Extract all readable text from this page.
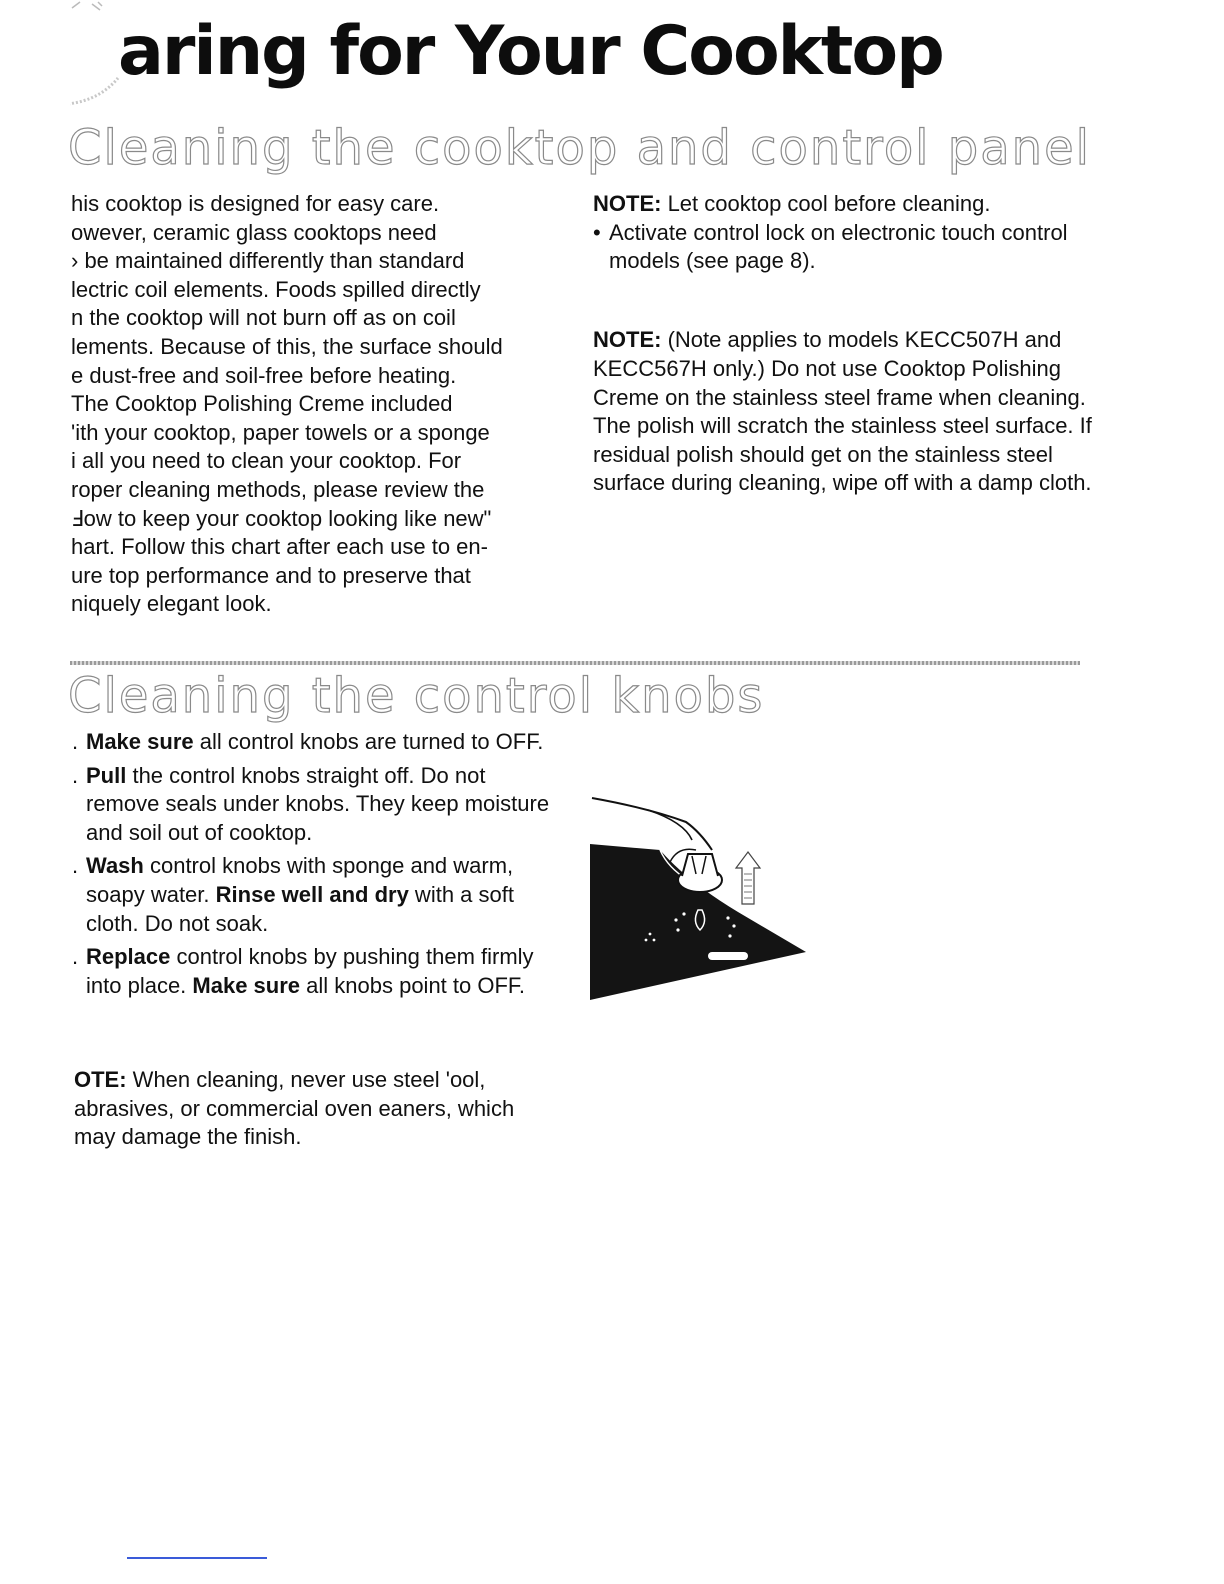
aring for Your Cooktop
Cleaning the cooktop and control panel

his cooktop is designed for easy care.
owever, ceramic glass cooktops need
› be maintained differently than standard
lectric coil elements. Foods spilled directly
n the cooktop will not burn off as on coil
lements. Because of this, the surface should
e dust-free and soil-free before heating.
The Cooktop Polishing Creme included
'ith your cooktop, paper towels or a sponge
i all you need to clean your cooktop. For
roper cleaning methods, please review the
Ⅎow to keep your cooktop looking like new"
hart. Follow this chart after each use to en-
ure top performance and to preserve that
niquely elegant look.

NOTE: Let cooktop cool before cleaning.

• Activate control lock on electronic touch control models (see page 8).

NOTE: (Note applies to models KECC507H and KECC567H only.) Do not use Cooktop Polishing Creme on the stainless steel frame when cleaning. The polish will scratch the stainless steel surface. If residual polish should get on the stainless steel surface during cleaning, wipe off with a damp cloth.

Cleaning the control knobs
. Make sure all control knobs are turned to OFF.
. Pull the control knobs straight off. Do not remove seals under knobs. They keep moisture and soil out of cooktop.
. Wash control knobs with sponge and warm, soapy water. Rinse well and dry with a soft cloth. Do not soak.
. Replace control knobs by pushing them firmly into place. Make sure all knobs point to OFF.

OTE: When cleaning, never use steel 'ool, abrasives, or commercial oven eaners, which may damage the finish.
